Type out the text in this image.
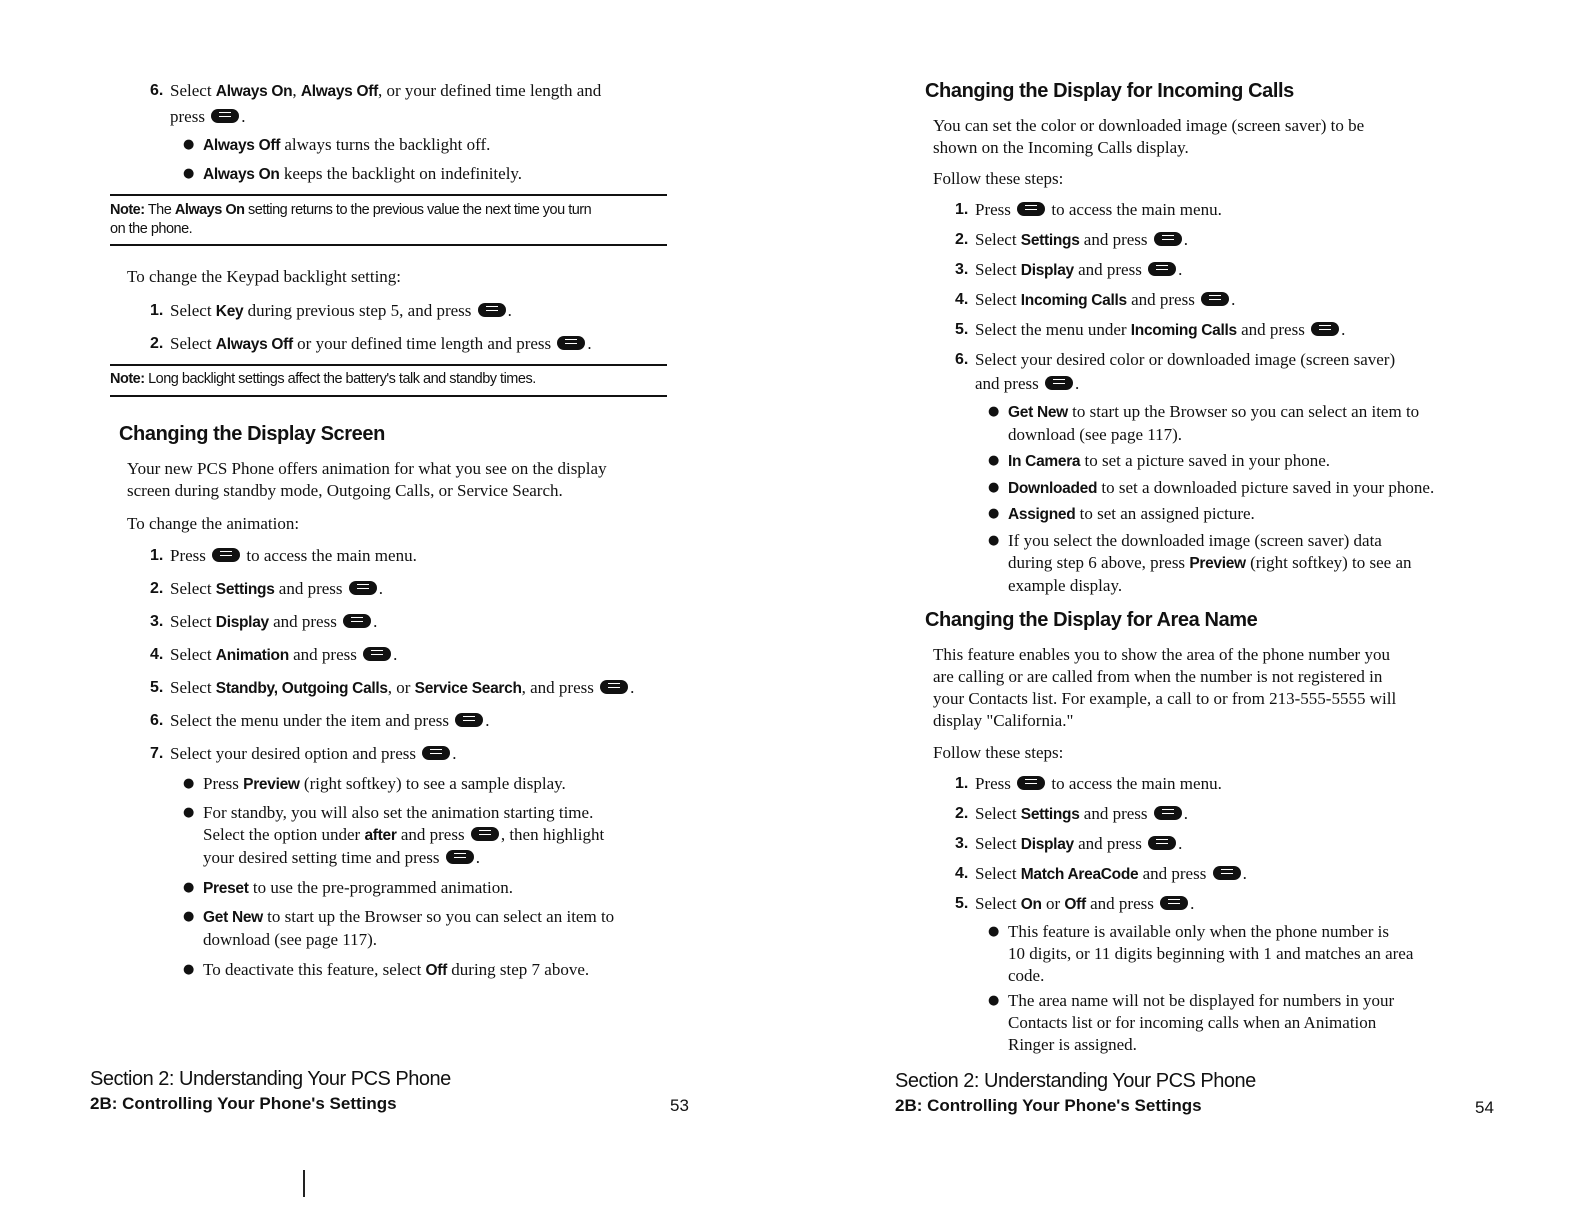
6. Select Always On, Always Off, or your defined time length and
press .
● Always Off always turns the backlight off.
● Always On keeps the backlight on indefinitely.
Note: The Always On setting returns to the previous value the next time you turn
on the phone.
To change the Keypad backlight setting:
1. Select Key during previous step 5, and press .
2. Select Always Off or your defined time length and press .
Note: Long backlight settings affect the battery's talk and standby times.
Changing the Display Screen
Your new PCS Phone offers animation for what you see on the display
screen during standby mode, Outgoing Calls, or Service Search.
To change the animation:
1. Press  to access the main menu.
2. Select Settings and press .
3. Select Display and press .
4. Select Animation and press .
5. Select Standby, Outgoing Calls, or Service Search, and press .
6. Select the menu under the item and press .
7. Select your desired option and press .
● Press Preview (right softkey) to see a sample display.
● For standby, you will also set the animation starting time.
Select the option under after and press , then highlight
your desired setting time and press .
● Preset to use the pre-programmed animation.
● Get New to start up the Browser so you can select an item to
download (see page 117).
● To deactivate this feature, select Off during step 7 above.
Section 2: Understanding Your PCS Phone
2B: Controlling Your Phone's Settings	53
Changing the Display for Incoming Calls
You can set the color or downloaded image (screen saver) to be
shown on the Incoming Calls display.
Follow these steps:
1. Press  to access the main menu.
2. Select Settings and press .
3. Select Display and press .
4. Select Incoming Calls and press .
5. Select the menu under Incoming Calls and press .
6. Select your desired color or downloaded image (screen saver)
and press .
● Get New to start up the Browser so you can select an item to
download (see page 117).
● In Camera to set a picture saved in your phone.
● Downloaded to set a downloaded picture saved in your phone.
● Assigned to set an assigned picture.
● If you select the downloaded image (screen saver) data
during step 6 above, press Preview (right softkey) to see an
example display.
Changing the Display for Area Name
This feature enables you to show the area of the phone number you
are calling or are called from when the number is not registered in
your Contacts list. For example, a call to or from 213-555-5555 will
display "California."
Follow these steps:
1. Press  to access the main menu.
2. Select Settings and press .
3. Select Display and press .
4. Select Match AreaCode and press .
5. Select On or Off and press .
● This feature is available only when the phone number is
10 digits, or 11 digits beginning with 1 and matches an area
code.
● The area name will not be displayed for numbers in your
Contacts list or for incoming calls when an Animation
Ringer is assigned.
Section 2: Understanding Your PCS Phone
2B: Controlling Your Phone's Settings	54
